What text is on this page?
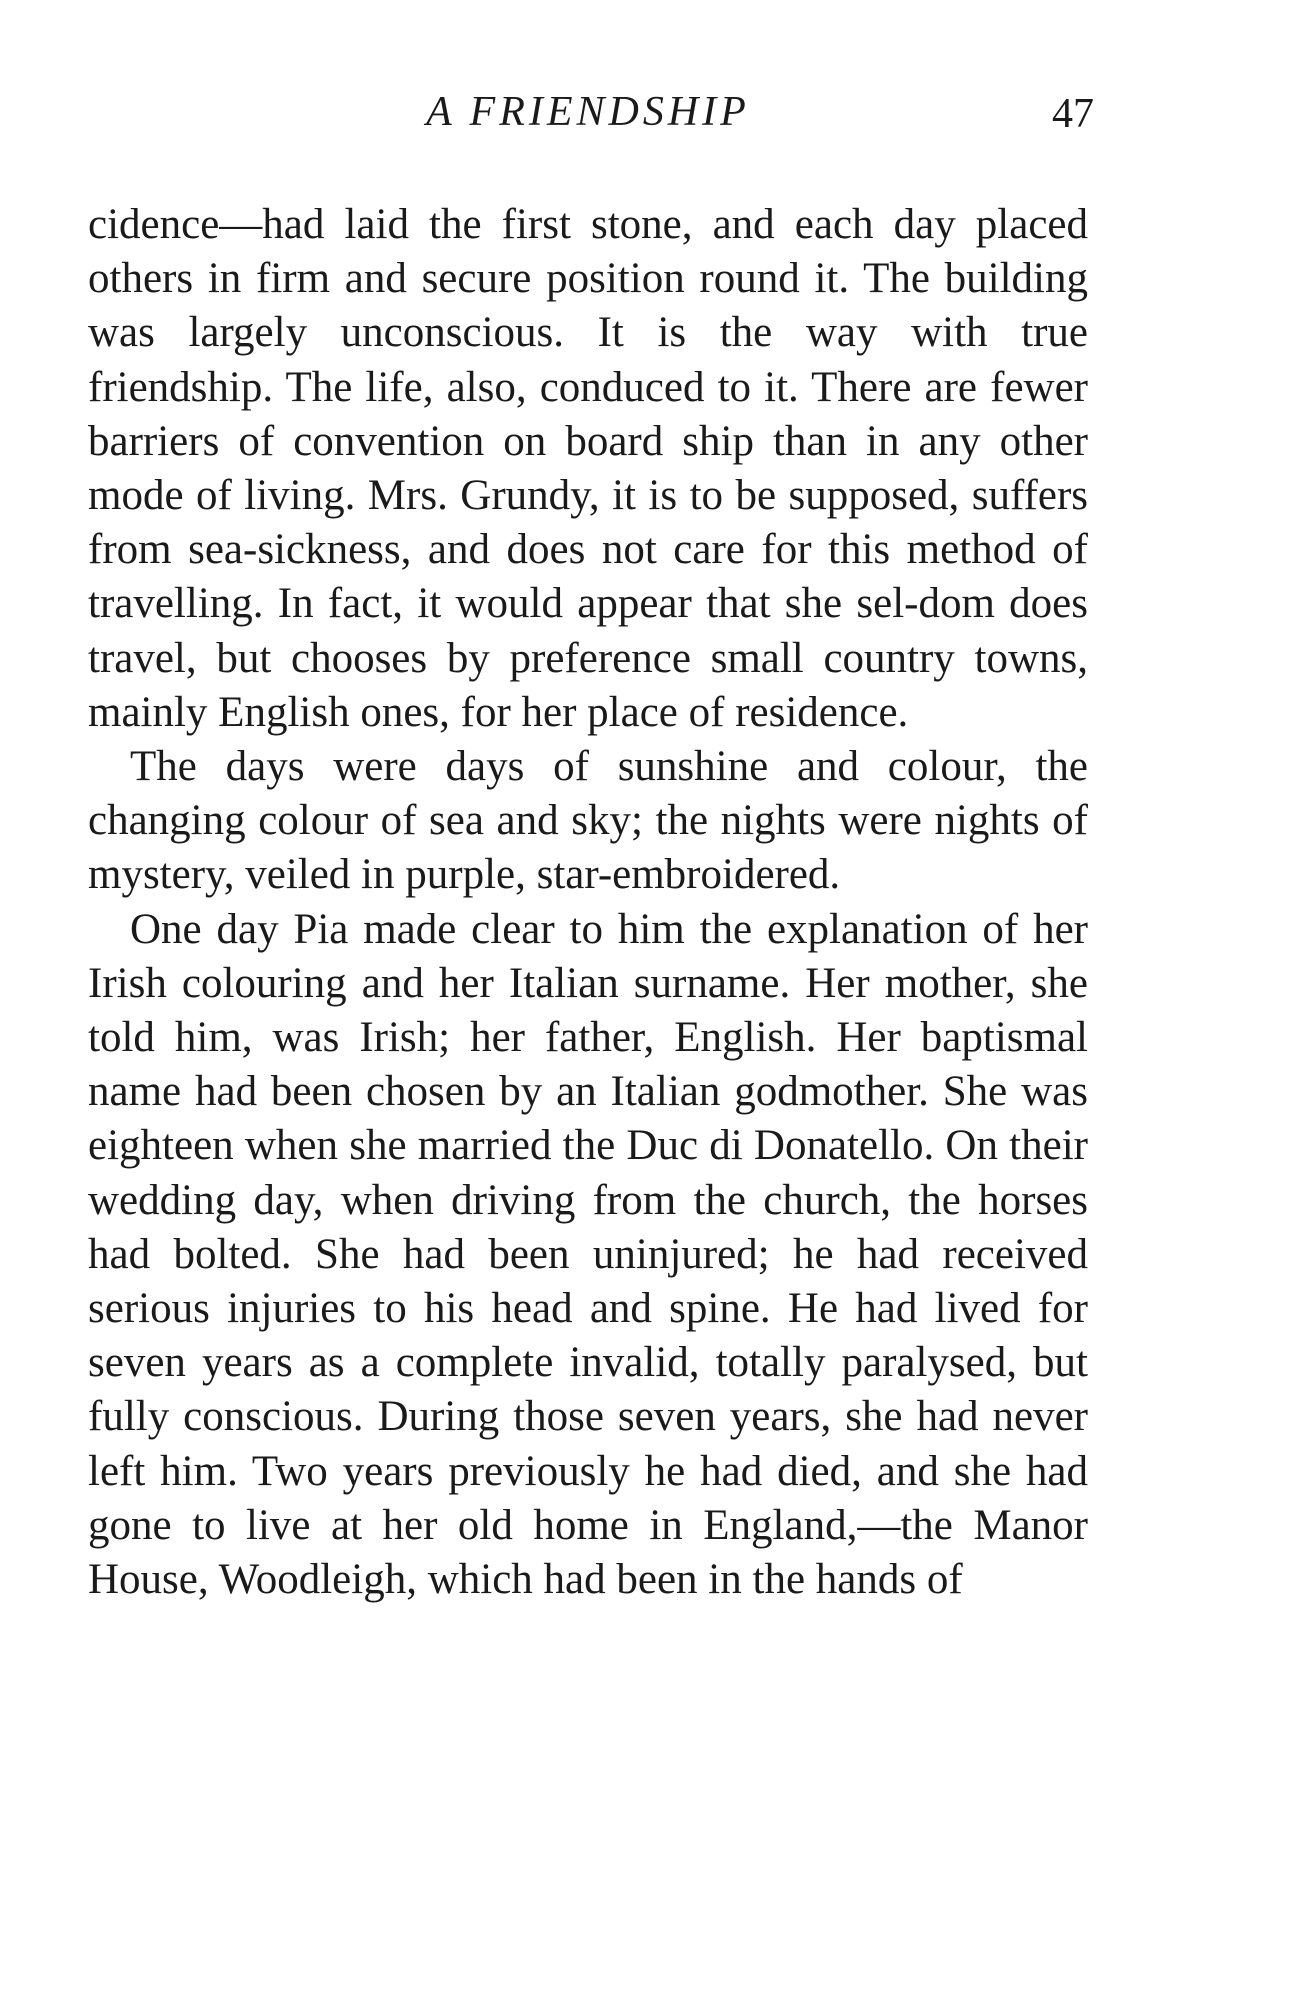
A FRIENDSHIP	47

cidence—had laid the first stone, and each day placed others in firm and secure position round it. The building was largely unconscious. It is the way with true friendship. The life, also, conduced to it. There are fewer barriers of convention on board ship than in any other mode of living. Mrs. Grundy, it is to be supposed, suffers from sea-sickness, and does not care for this method of travelling. In fact, it would appear that she sel-dom does travel, but chooses by preference small country towns, mainly English ones, for her place of residence.

The days were days of sunshine and colour, the changing colour of sea and sky; the nights were nights of mystery, veiled in purple, star-embroidered.

One day Pia made clear to him the explanation of her Irish colouring and her Italian surname. Her mother, she told him, was Irish; her father, English. Her baptismal name had been chosen by an Italian godmother. She was eighteen when she married the Duc di Donatello. On their wedding day, when driving from the church, the horses had bolted. She had been uninjured; he had received serious injuries to his head and spine. He had lived for seven years as a complete invalid, totally paralysed, but fully conscious. During those seven years, she had never left him. Two years previously he had died, and she had gone to live at her old home in England,—the Manor House, Woodleigh, which had been in the hands of
